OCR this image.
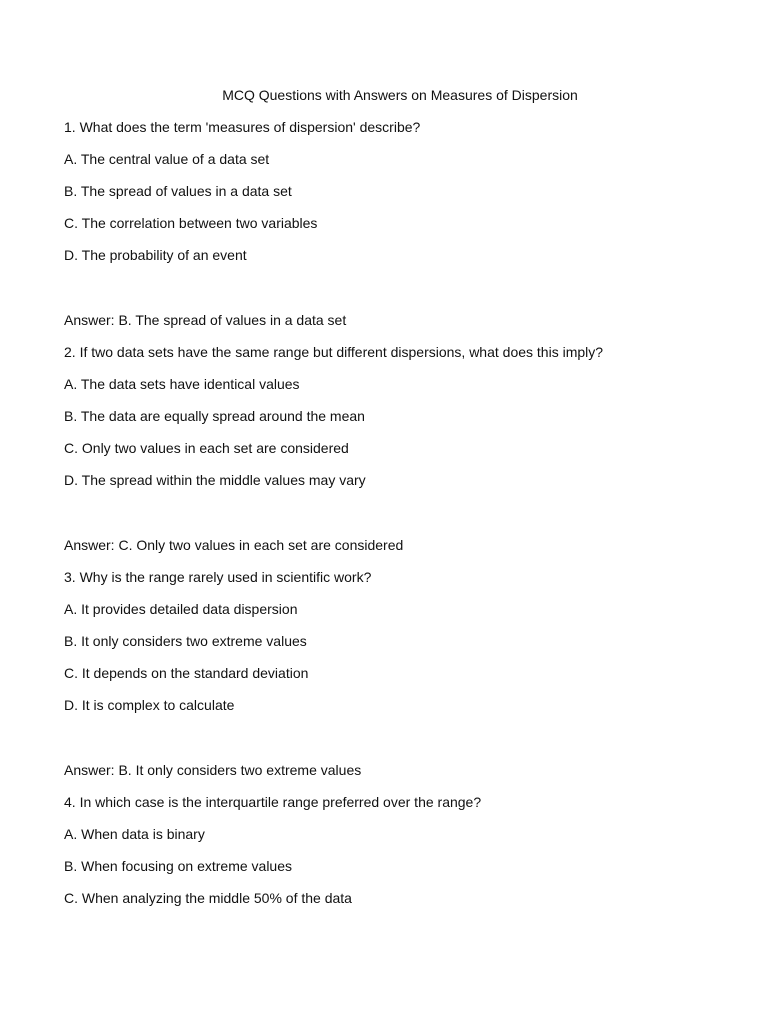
MCQ Questions with Answers on Measures of Dispersion
1. What does the term 'measures of dispersion' describe?
A. The central value of a data set
B. The spread of values in a data set
C. The correlation between two variables
D. The probability of an event
Answer: B. The spread of values in a data set
2. If two data sets have the same range but different dispersions, what does this imply?
A. The data sets have identical values
B. The data are equally spread around the mean
C. Only two values in each set are considered
D. The spread within the middle values may vary
Answer: C. Only two values in each set are considered
3. Why is the range rarely used in scientific work?
A. It provides detailed data dispersion
B. It only considers two extreme values
C. It depends on the standard deviation
D. It is complex to calculate
Answer: B. It only considers two extreme values
4. In which case is the interquartile range preferred over the range?
A. When data is binary
B. When focusing on extreme values
C. When analyzing the middle 50% of the data
